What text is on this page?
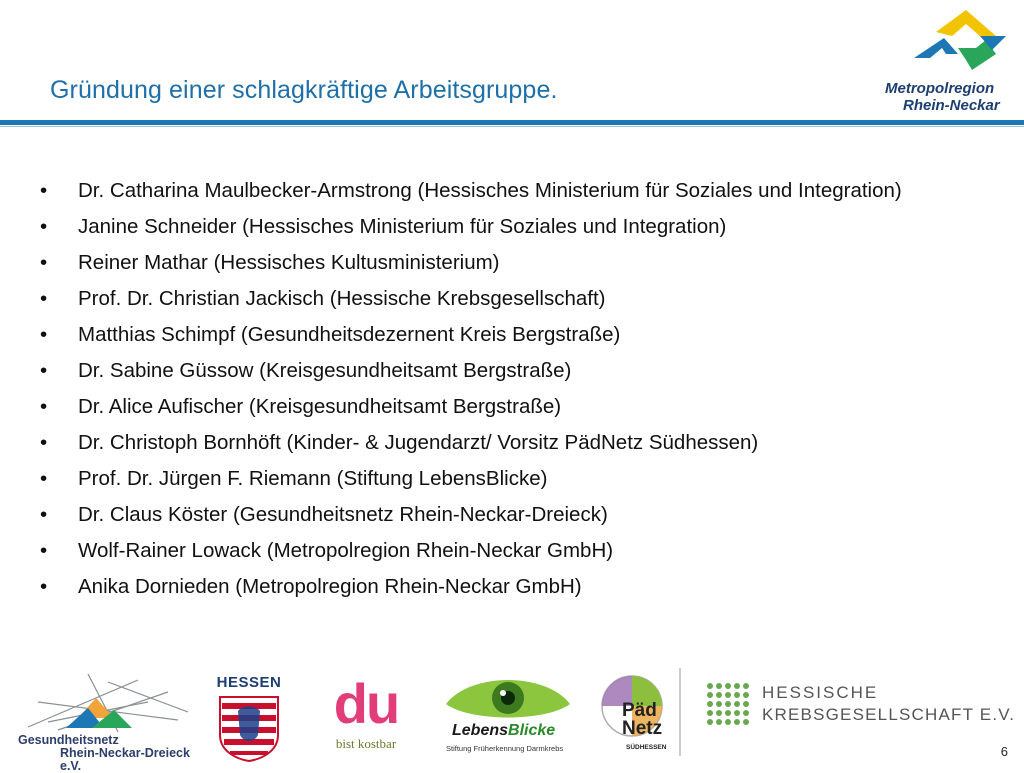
Gründung einer schlagkräftige Arbeitsgruppe.	Metropolregion
Rhein-Neckar
• Dr. Catharina Maulbecker-Armstrong (Hessisches Ministerium für Soziales und Integration)
• Janine Schneider (Hessisches Ministerium für Soziales und Integration)
• Reiner Mathar (Hessisches Kultusministerium)
• Prof. Dr. Christian Jackisch (Hessische Krebsgesellschaft)
• Matthias Schimpf (Gesundheitsdezernent Kreis Bergstraße)
• Dr. Sabine Güssow (Kreisgesundheitsamt Bergstraße)
• Dr. Alice Aufischer (Kreisgesundheitsamt Bergstraße)
• Dr. Christoph Bornhöft (Kinder- & Jugendarzt/ Vorsitz PädNetz Südhessen)
• Prof. Dr. Jürgen F. Riemann (Stiftung LebensBlicke)
• Dr. Claus Köster (Gesundheitsnetz Rhein-Neckar-Dreieck)
• Wolf-Rainer Lowack (Metropolregion Rhein-Neckar GmbH)
• Anika Dornieden (Metropolregion Rhein-Neckar GmbH)
Gesundheitsnetz
Rhein-Neckar-Dreieck e.V.
HESSEN du
bist kostbar
LebensBlicke
Stiftung Früherkennung Darmkrebs
Päd
Netz
SÜDHESSEN
HESSISCHE
KREBSGESELLSCHAFT E.V.
6
